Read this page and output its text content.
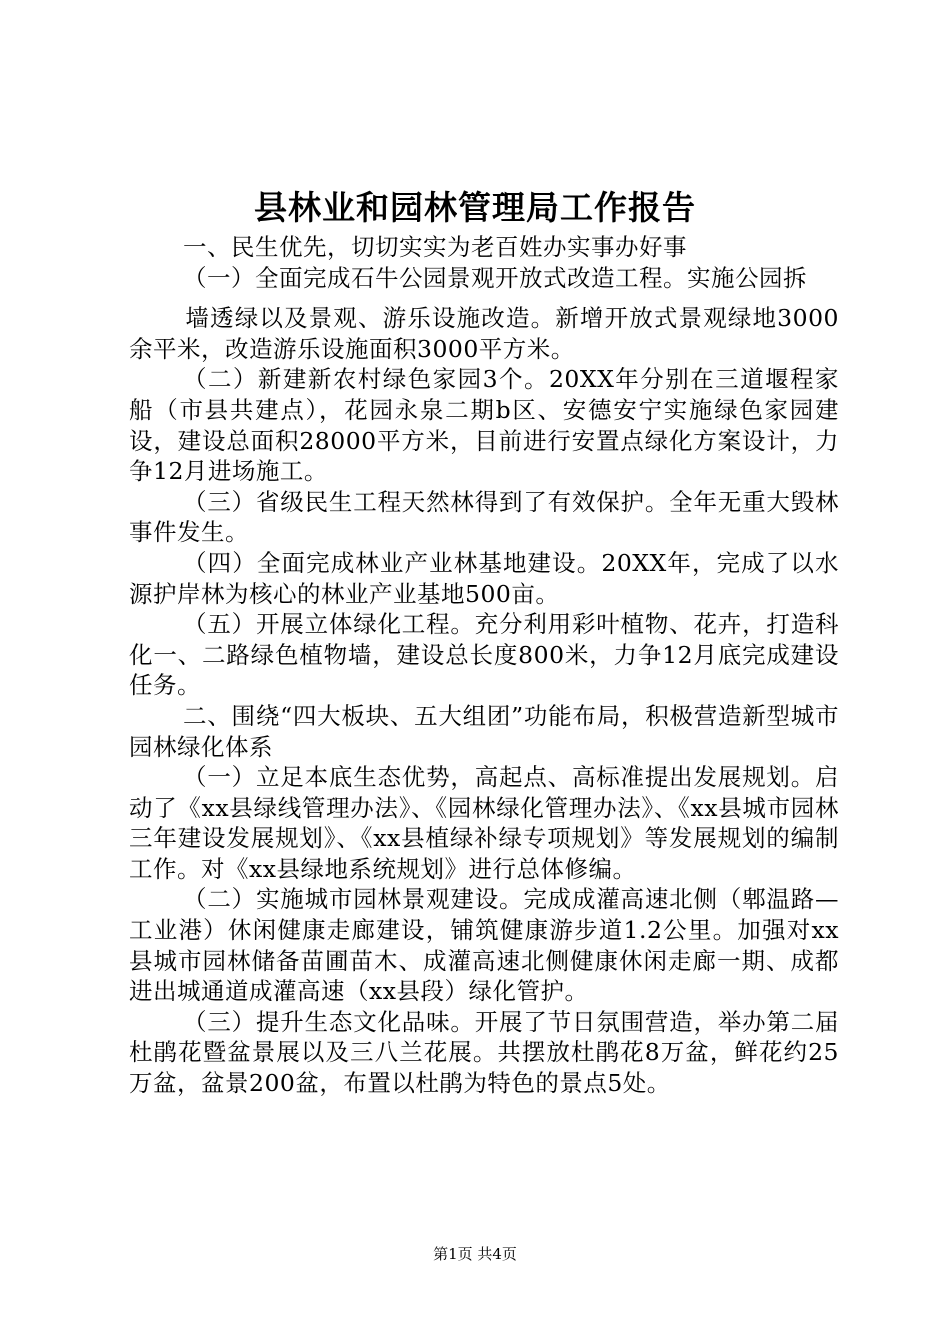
县林业和园林管理局工作报告

一、民生优先，切切实实为老百姓办实事办好事

（一）全面完成石牛公园景观开放式改造工程。实施公园拆

墙透绿以及景观、游乐设施改造。新增开放式景观绿地3000余平米，改造游乐设施面积3000平方米。

（二）新建新农村绿色家园3个。20XX年分别在三道堰程家船（市县共建点），花园永泉二期b区、安德安宁实施绿色家园建设，建设总面积28000平方米，目前进行安置点绿化方案设计，力争12月进场施工。

（三）省级民生工程天然林得到了有效保护。全年无重大毁林事件发生。

（四）全面完成林业产业林基地建设。20XX年，完成了以水源护岸林为核心的林业产业基地500亩。

（五）开展立体绿化工程。充分利用彩叶植物、花卉，打造科化一、二路绿色植物墙，建设总长度800米，力争12月底完成建设任务。

二、围绕“四大板块、五大组团”功能布局，积极营造新型城市园林绿化体系

（一）立足本底生态优势，高起点、高标准提出发展规划。启动了《xx县绿线管理办法》、《园林绿化管理办法》、《xx县城市园林三年建设发展规划》、《xx县植绿补绿专项规划》等发展规划的编制工作。对《xx县绿地系统规划》进行总体修编。

（二）实施城市园林景观建设。完成成灌高速北侧（郫温路—工业港）休闲健康走廊建设，铺筑健康游步道1.2公里。加强对xx县城市园林储备苗圃苗木、成灌高速北侧健康休闲走廊一期、成都进出城通道成灌高速（xx县段）绿化管护。

（三）提升生态文化品味。开展了节日氛围营造，举办第二届杜鹃花暨盆景展以及三八兰花展。共摆放杜鹃花8万盆，鲜花约25万盆，盆景200盆，布置以杜鹃为特色的景点5处。

第1页 共4页
